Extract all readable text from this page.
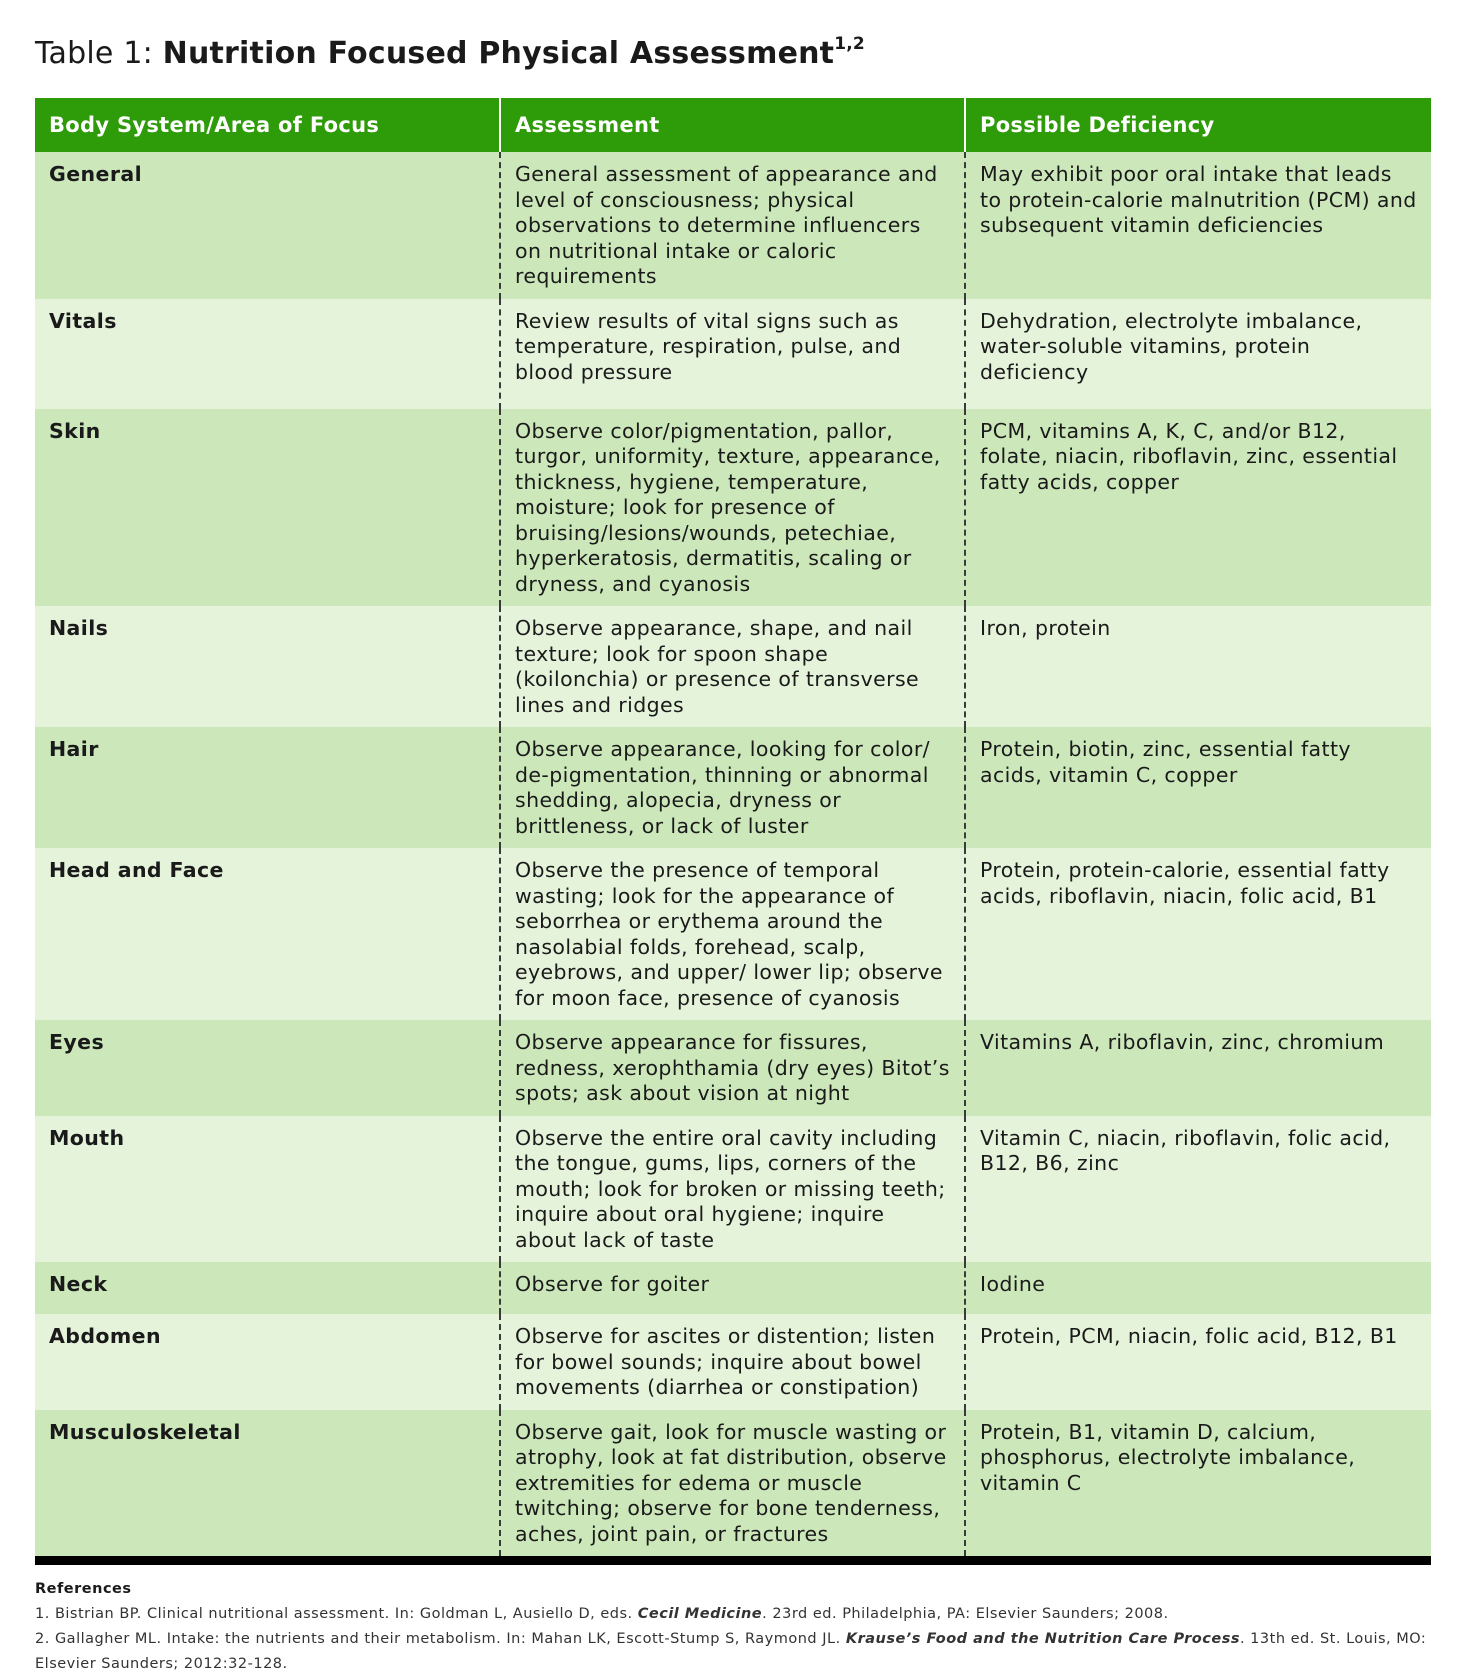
Table 1: Nutrition Focused Physical Assessment$^{1,2}$
Body System/Area of Focus	Assessment	Possible Deficiency
General	General assessment of appearance and level of consciousness; physical observations to determine influencers on nutritional intake or caloric requirements	May exhibit poor oral intake that leads to protein-calorie malnutrition (PCM) and subsequent vitamin deficiencies
Vitals	Review results of vital signs such as temperature, respiration, pulse, and blood pressure	Dehydration, electrolyte imbalance, water-soluble vitamins, protein deficiency
Skin	Observe color/pigmentation, pallor, turgor, uniformity, texture, appearance, thickness, hygiene, temperature, moisture; look for presence of bruising/lesions/wounds, petechiae, hyperkeratosis, dermatitis, scaling or dryness, and cyanosis	PCM, vitamins A, K, C, and/or B12, folate, niacin, riboflavin, zinc, essential fatty acids, copper
Nails	Observe appearance, shape, and nail texture; look for spoon shape (koilonchia) or presence of transverse lines and ridges	Iron, protein
Hair	Observe appearance, looking for color/ de-pigmentation, thinning or abnormal shedding, alopecia, dryness or brittleness, or lack of luster	Protein, biotin, zinc, essential fatty acids, vitamin C, copper
Head and Face	Observe the presence of temporal wasting; look for the appearance of seborrhea or erythema around the nasolabial folds, forehead, scalp, eyebrows, and upper/ lower lip; observe for moon face, presence of cyanosis	Protein, protein-calorie, essential fatty acids, riboflavin, niacin, folic acid, B1
Eyes	Observe appearance for fissures, redness, xerophthamia (dry eyes) Bitot’s spots; ask about vision at night	Vitamins A, riboflavin, zinc, chromium
Mouth	Observe the entire oral cavity including the tongue, gums, lips, corners of the mouth; look for broken or missing teeth; inquire about oral hygiene; inquire about lack of taste	Vitamin C, niacin, riboflavin, folic acid, B12, B6, zinc
Neck	Observe for goiter	Iodine
Abdomen	Observe for ascites or distention; listen for bowel sounds; inquire about bowel movements (diarrhea or constipation)	Protein, PCM, niacin, folic acid, B12, B1
Musculoskeletal	Observe gait, look for muscle wasting or atrophy, look at fat distribution, observe extremities for edema or muscle twitching; observe for bone tenderness, aches, joint pain, or fractures	Protein, B1, vitamin D, calcium, phosphorus, electrolyte imbalance, vitamin C
References
1. Bistrian BP. Clinical nutritional assessment. In: Goldman L, Ausiello D, eds. Cecil Medicine. 23rd ed. Philadelphia, PA: Elsevier Saunders; 2008.
2. Gallagher ML. Intake: the nutrients and their metabolism. In: Mahan LK, Escott-Stump S, Raymond JL. Krause’s Food and the Nutrition Care Process. 13th ed. St. Louis, MO: Elsevier Saunders; 2012:32-128.
